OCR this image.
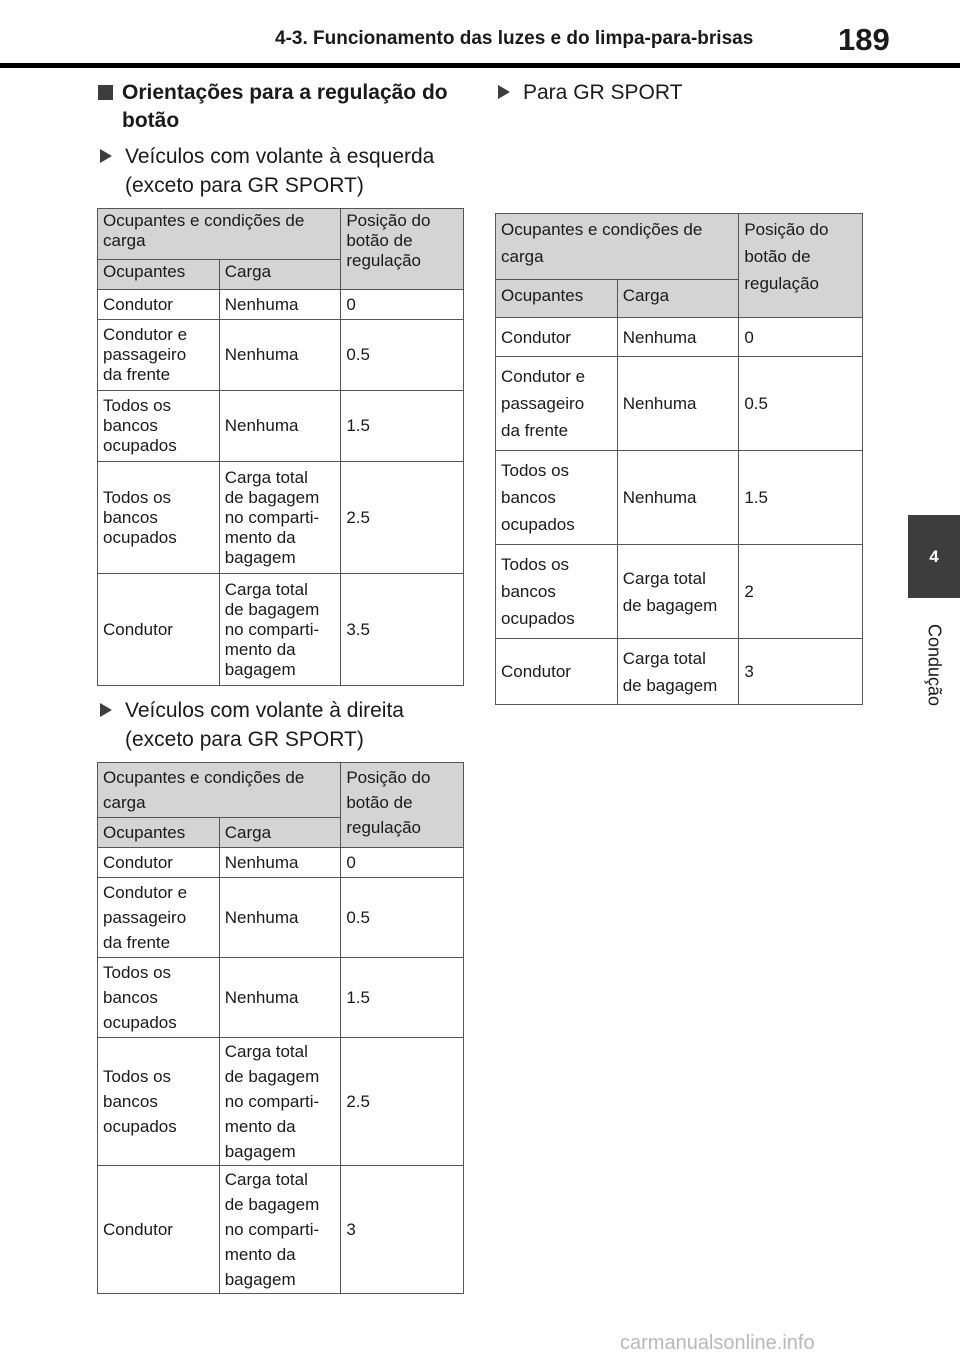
4-3. Funcionamento das luzes e do limpa-para-brisas	189
4
Condução
Orientações para a regulação do botão
Veículos com volante à esquerda (exceto para GR SPORT)
Ocupantes e condições de carga		Posição do botão de regulação

Ocupantes	Carga	

Condutor	Nenhuma	0

Condutor e
passageiro
da frente	Nenhuma	0.5

Todos os
bancos
ocupados	Nenhuma	1.5

Todos os
bancos
ocupados	Carga total
de bagagem
no comparti-
mento da
bagagem	2.5

Condutor	Carga total
de bagagem
no comparti-
mento da
bagagem	3.5
Veículos com volante à direita (exceto para GR SPORT)
Ocupantes e condições de carga		Posição do botão de regulação

Ocupantes	Carga	

Condutor	Nenhuma	0

Condutor e
passageiro
da frente	Nenhuma	0.5

Todos os
bancos
ocupados	Nenhuma	1.5

Todos os
bancos
ocupados	Carga total
de bagagem
no comparti-
mento da
bagagem	2.5

Condutor	Carga total
de bagagem
no comparti-
mento da
bagagem	3
Para GR SPORT
Ocupantes e condições de carga		Posição do botão de regulação

Ocupantes	Carga	

Condutor	Nenhuma	0

Condutor e
passageiro
da frente	Nenhuma	0.5

Todos os
bancos
ocupados	Nenhuma	1.5

Todos os
bancos
ocupados	Carga total
de bagagem	2

Condutor	Carga total
de bagagem	3
carmanualsonline.info
